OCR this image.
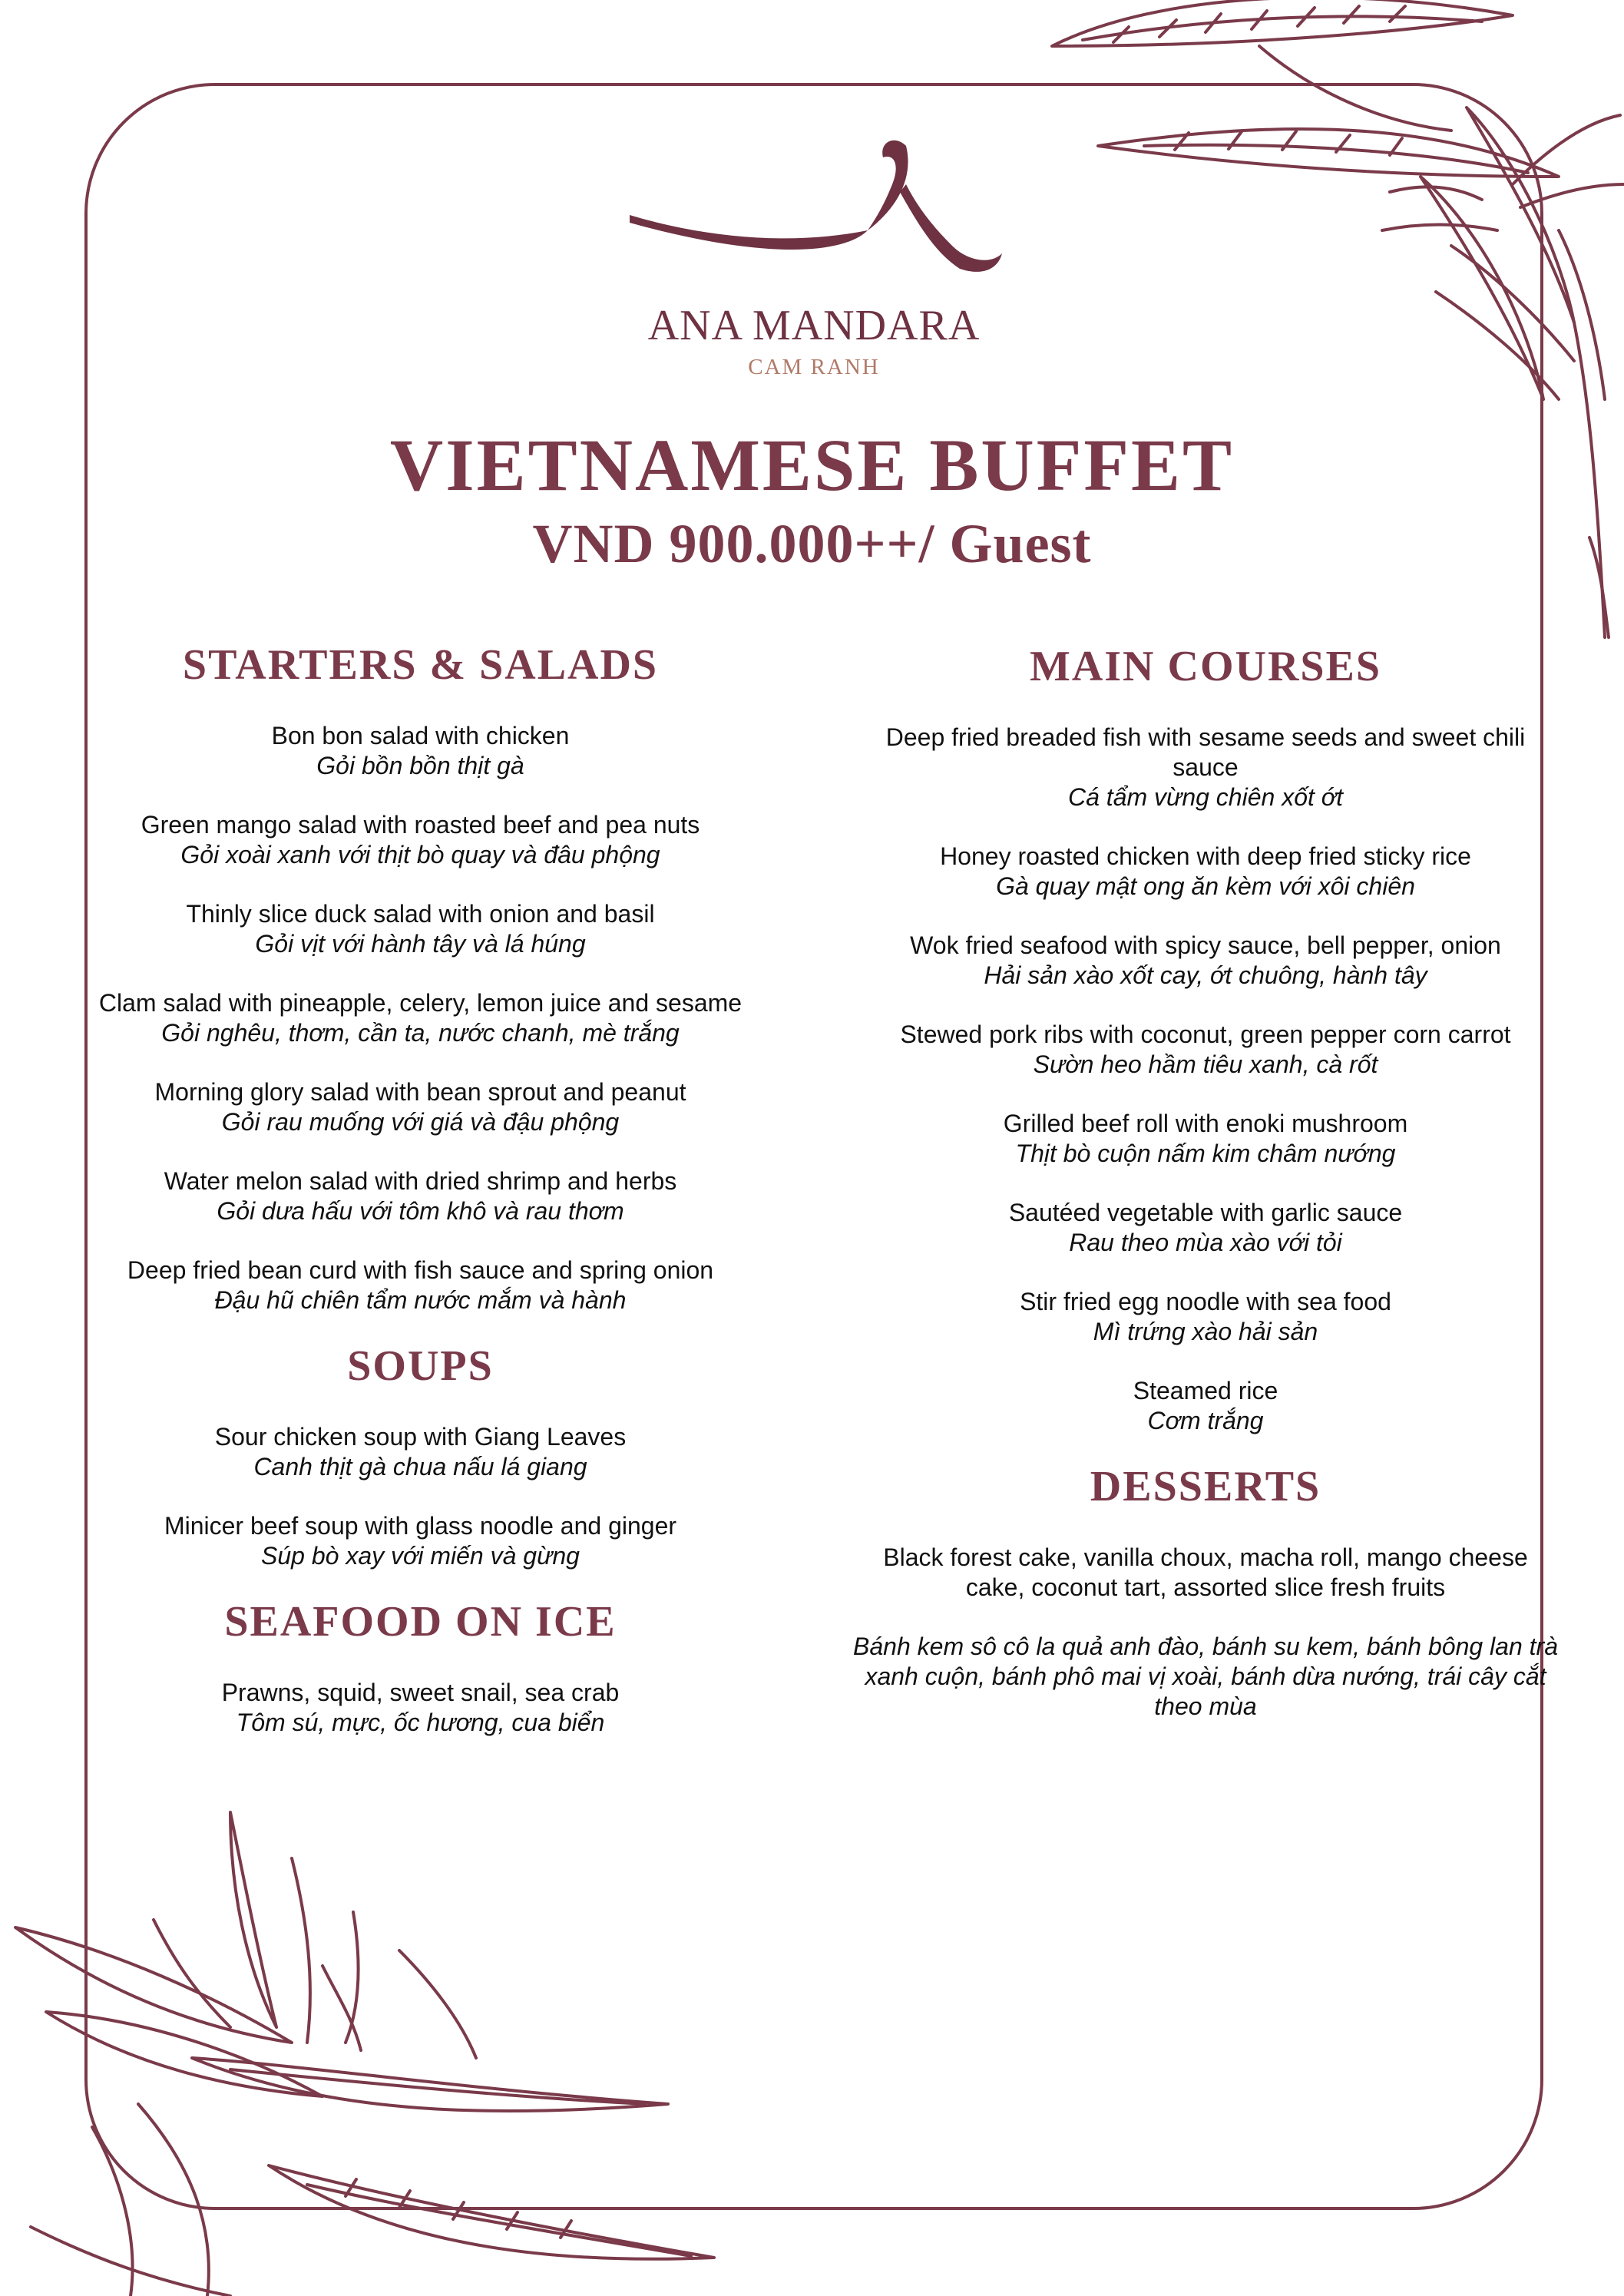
ANA MANDARA
CAM RANH
VIETNAMESE BUFFET
VND 900.000++/ Guest
STARTERS & SALADS
Bon bon salad with chicken
Gỏi bồn bồn thịt gà
Green mango salad with roasted beef and pea nuts
Gỏi xoài xanh với thịt bò quay và đâu phộng
Thinly slice duck salad with onion and basil
Gỏi vịt với hành tây và lá húng
Clam salad with pineapple, celery, lemon juice and sesame
Gỏi nghêu, thơm, cần ta, nước chanh, mè trắng
Morning glory salad with bean sprout and peanut
Gỏi rau muống với giá và đậu phộng
Water melon salad with dried shrimp and herbs
Gỏi dưa hấu với tôm khô và rau thơm
Deep fried bean curd with fish sauce and spring onion
Đậu hũ chiên tẩm nước mắm và hành
SOUPS
Sour chicken soup with Giang Leaves
Canh thịt gà chua nấu lá giang
Minicer beef soup with glass noodle and ginger
Súp bò xay với miến và gừng
SEAFOOD ON ICE
Prawns, squid, sweet snail, sea crab
Tôm sú, mực, ốc hương, cua biển
MAIN COURSES
Deep fried breaded fish with sesame seeds and sweet chili sauce
Cá tẩm vừng chiên xốt ớt
Honey roasted chicken with deep fried sticky rice
Gà quay mật ong ăn kèm với xôi chiên
Wok fried seafood with spicy sauce, bell pepper, onion
Hải sản xào xốt cay, ớt chuông, hành tây
Stewed pork ribs with coconut, green pepper corn carrot
Sườn heo hầm tiêu xanh, cà rốt
Grilled beef roll with enoki mushroom
Thịt bò cuộn nấm kim châm nướng
Sautéed vegetable with garlic sauce
Rau theo mùa xào với tỏi
Stir fried egg noodle with sea food
Mì trứng xào hải sản
Steamed rice
Cơm trắng
DESSERTS
Black forest cake, vanilla choux, macha roll, mango cheese cake, coconut tart, assorted slice fresh fruits
Bánh kem sô cô la quả anh đào, bánh su kem, bánh bông lan trà xanh cuộn, bánh phô mai vị xoài, bánh dừa nướng, trái cây cắt theo mùa
